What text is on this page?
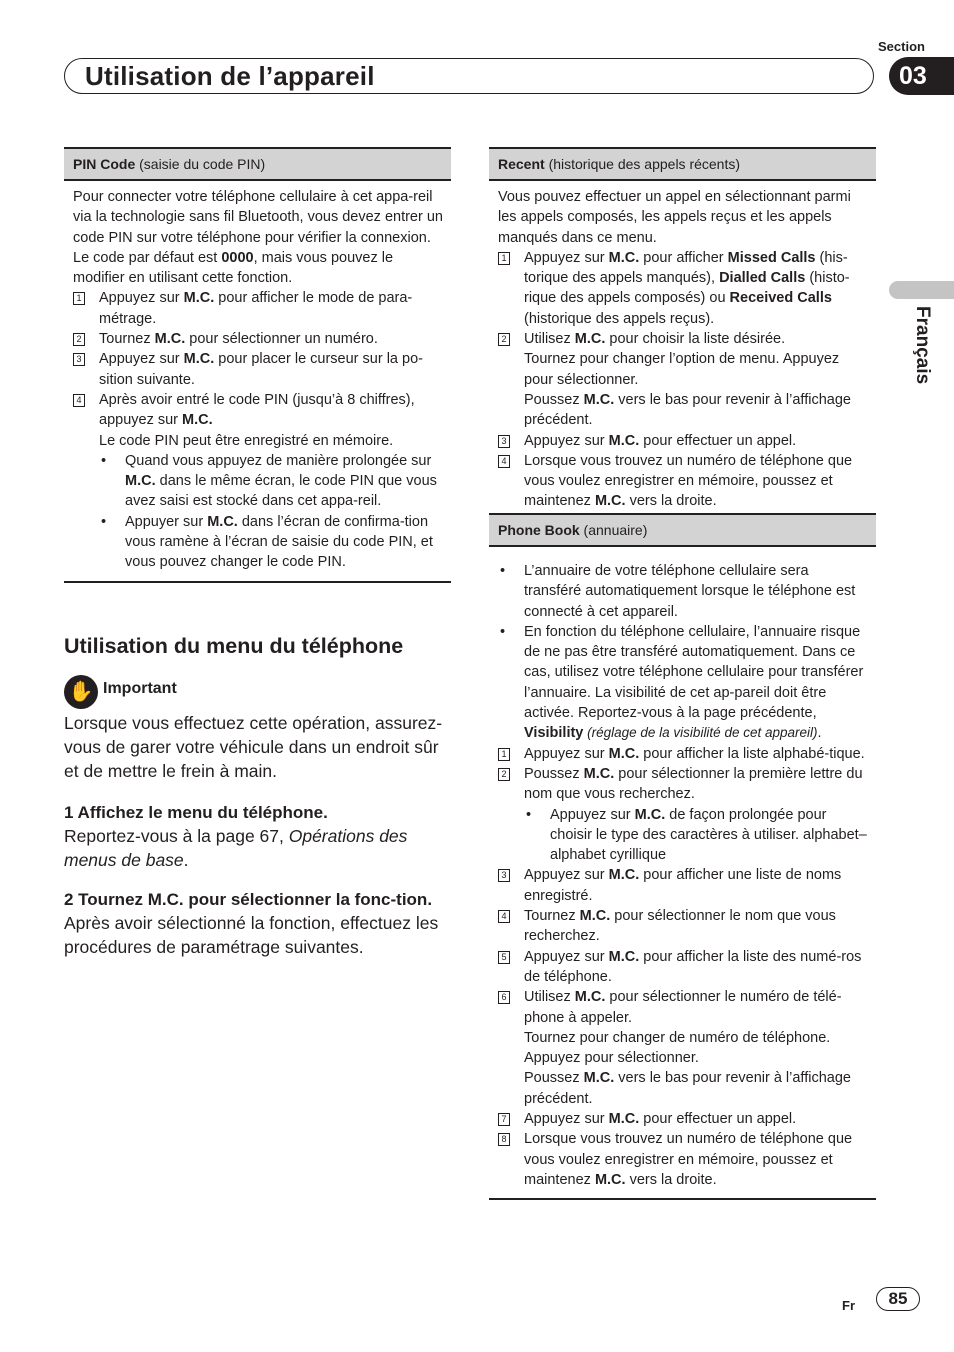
Section
Utilisation de l’appareil	03
Français
PIN Code (saisie du code PIN)

Pour connecter votre téléphone cellulaire à cet appa-reil via la technologie sans fil Bluetooth, vous devez entrer un code PIN sur votre téléphone pour vérifier la connexion. Le code par défaut est 0000, mais vous pouvez le modifier en utilisant cette fonction.

1 Appuyez sur M.C. pour afficher le mode de para-métrage.
2 Tournez M.C. pour sélectionner un numéro.
3 Appuyez sur M.C. pour placer le curseur sur la po-sition suivante.
4 Après avoir entré le code PIN (jusqu’à 8 chiffres), appuyez sur M.C.
Le code PIN peut être enregistré en mémoire.
• Quand vous appuyez de manière prolongée sur M.C. dans le même écran, le code PIN que vous avez saisi est stocké dans cet appa-reil.
• Appuyer sur M.C. dans l’écran de confirma-tion vous ramène à l’écran de saisie du code PIN, et vous pouvez changer le code PIN.
Utilisation du menu du téléphone
✋ Important

Lorsque vous effectuez cette opération, assurez-vous de garer votre véhicule dans un endroit sûr et de mettre le frein à main.

1 Affichez le menu du téléphone.

Reportez-vous à la page 67, Opérations des menus de base.

2 Tournez M.C. pour sélectionner la fonc-tion.

Après avoir sélectionné la fonction, effectuez les procédures de paramétrage suivantes.

Recent (historique des appels récents)

Vous pouvez effectuer un appel en sélectionnant parmi les appels composés, les appels reçus et les appels manqués dans ce menu.

1 Appuyez sur M.C. pour afficher Missed Calls (his-torique des appels manqués), Dialled Calls (histo-rique des appels composés) ou Received Calls (historique des appels reçus).
2 Utilisez M.C. pour choisir la liste désirée.
Tournez pour changer l’option de menu. Appuyez pour sélectionner.
Poussez M.C. vers le bas pour revenir à l’affichage précédent.
3 Appuyez sur M.C. pour effectuer un appel.
4 Lorsque vous trouvez un numéro de téléphone que vous voulez enregistrer en mémoire, poussez et maintenez M.C. vers la droite.
Phone Book (annuaire)
• L’annuaire de votre téléphone cellulaire sera transféré automatiquement lorsque le téléphone est connecté à cet appareil.
• En fonction du téléphone cellulaire, l’annuaire risque de ne pas être transféré automatiquement. Dans ce cas, utilisez votre téléphone cellulaire pour transférer l’annuaire. La visibilité de cet ap-pareil doit être activée. Reportez-vous à la page précédente, Visibility (réglage de la visibilité de cet appareil).
1 Appuyez sur M.C. pour afficher la liste alphabé-tique.
2 Poussez M.C. pour sélectionner la première lettre du nom que vous recherchez.
• Appuyez sur M.C. de façon prolongée pour choisir le type des caractères à utiliser. alphabet–alphabet cyrillique
3 Appuyez sur M.C. pour afficher une liste de noms enregistré.
4 Tournez M.C. pour sélectionner le nom que vous recherchez.
5 Appuyez sur M.C. pour afficher la liste des numé-ros de téléphone.
6 Utilisez M.C. pour sélectionner le numéro de télé-phone à appeler.
Tournez pour changer de numéro de téléphone. Appuyez pour sélectionner.
Poussez M.C. vers le bas pour revenir à l’affichage précédent.
7 Appuyez sur M.C. pour effectuer un appel.
8 Lorsque vous trouvez un numéro de téléphone que vous voulez enregistrer en mémoire, poussez et maintenez M.C. vers la droite.
Fr	85
